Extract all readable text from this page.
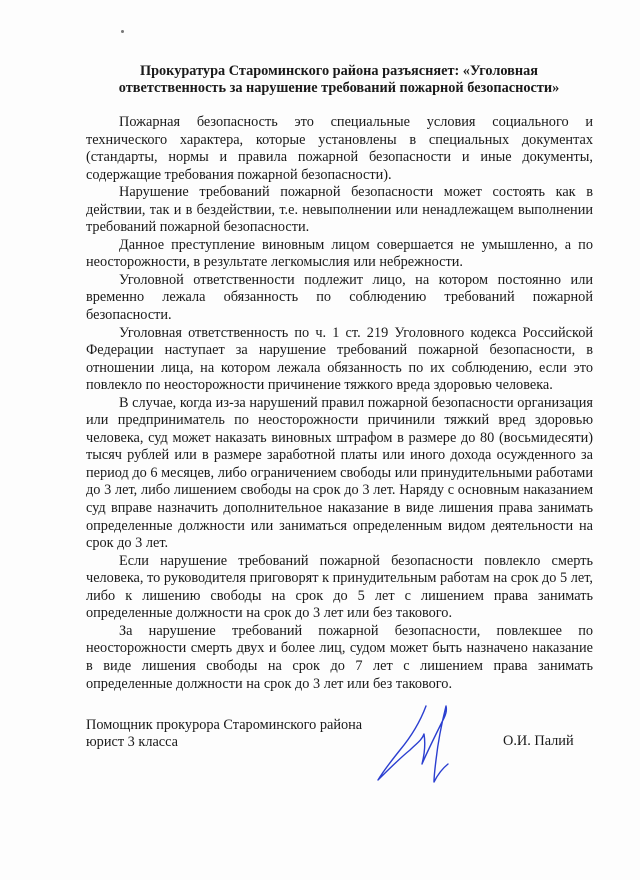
Прокуратура Староминского района разъясняет: «Уголовная
ответственность за нарушение требований пожарной безопасности»

Пожарная безопасность это специальные условия социального и технического характера, которые установлены в специальных документах (стандарты, нормы и правила пожарной безопасности и иные документы, содержащие требования пожарной безопасности).

Нарушение требований пожарной безопасности может состоять как в действии, так и в бездействии, т.е. невыполнении или ненадлежащем выполнении требований пожарной безопасности.

Данное преступление виновным лицом совершается не умышленно, а по неосторожности, в результате легкомыслия или небрежности.

Уголовной ответственности подлежит лицо, на котором постоянно или временно лежала обязанность по соблюдению требований пожарной безопасности.

Уголовная ответственность по ч. 1 ст. 219 Уголовного кодекса Российской Федерации наступает за нарушение требований пожарной безопасности, в отношении лица, на котором лежала обязанность по их соблюдению, если это повлекло по неосторожности причинение тяжкого вреда здоровью человека.

В случае, когда из-за нарушений правил пожарной безопасности организация или предприниматель по неосторожности причинили тяжкий вред здоровью человека, суд может наказать виновных штрафом в размере до 80 (восьмидесяти) тысяч рублей или в размере заработной платы или иного дохода осужденного за период до 6 месяцев, либо ограничением свободы или принудительными работами до 3 лет, либо лишением свободы на срок до 3 лет. Наряду с основным наказанием суд вправе назначить дополнительное наказание в виде лишения права занимать определенные должности или заниматься определенным видом деятельности на срок до 3 лет.

Если нарушение требований пожарной безопасности повлекло смерть человека, то руководителя приговорят к принудительным работам на срок до 5 лет, либо к лишению свободы на срок до 5 лет с лишением права занимать определенные должности на срок до 3 лет или без такового.

За нарушение требований пожарной безопасности, повлекшее по неосторожности смерть двух и более лиц, судом может быть назначено наказание в виде лишения свободы на срок до 7 лет с лишением права занимать определенные должности на срок до 3 лет или без такового.

Помощник прокурора Староминского района
юрист 3 класса	О.И. Палий
